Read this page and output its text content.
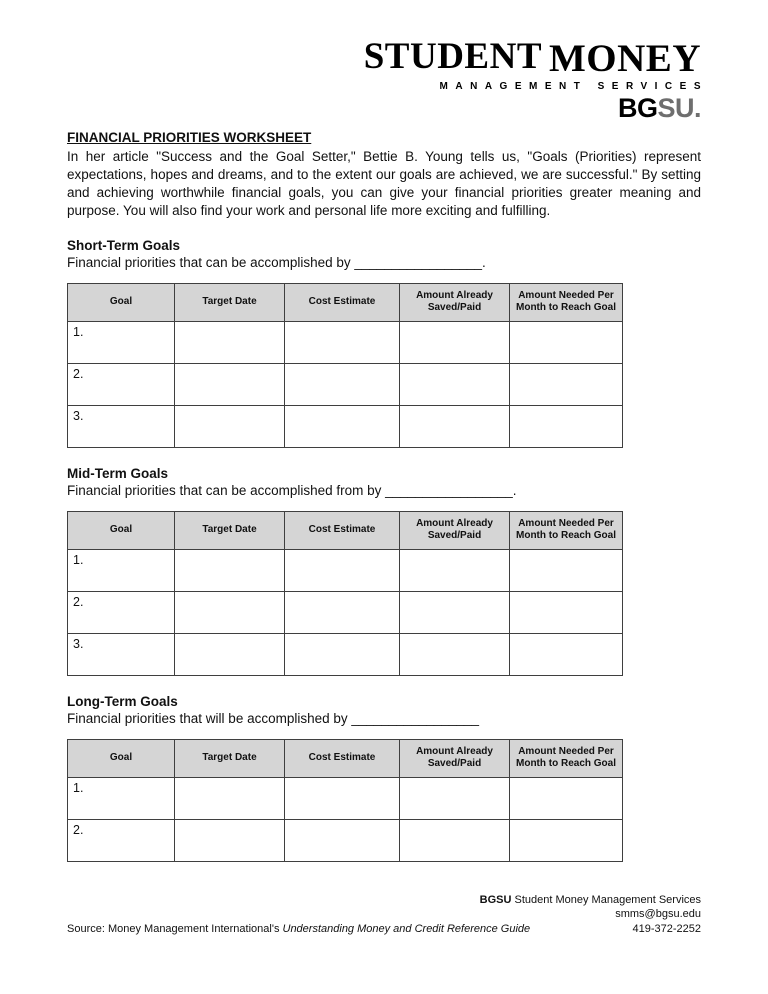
STUDENT MONEY
MANAGEMENT SERVICES
BGSU.
FINANCIAL PRIORITIES WORKSHEET

In her article "Success and the Goal Setter," Bettie B. Young tells us, "Goals (Priorities) represent expectations, hopes and dreams, and to the extent our goals are achieved, we are successful." By setting and achieving worthwhile financial goals, you can give your financial priorities greater meaning and purpose. You will also find your work and personal life more exciting and fulfilling.

Short-Term Goals
Financial priorities that can be accomplished by _________________.
Goal	Target Date	Cost Estimate	Amount Already Saved/Paid	Amount Needed Per Month to Reach Goal
1.				
2.				
3.				
Mid-Term Goals
Financial priorities that can be accomplished from by _________________.
Goal	Target Date	Cost Estimate	Amount Already Saved/Paid	Amount Needed Per Month to Reach Goal
1.				
2.				
3.				
Long-Term Goals
Financial priorities that will be accomplished by _________________
Goal	Target Date	Cost Estimate	Amount Already Saved/Paid	Amount Needed Per Month to Reach Goal
1.				
2.				
BGSU Student Money Management Services
smms@bgsu.edu
419-372-2252
Source: Money Management International's Understanding Money and Credit Reference Guide
